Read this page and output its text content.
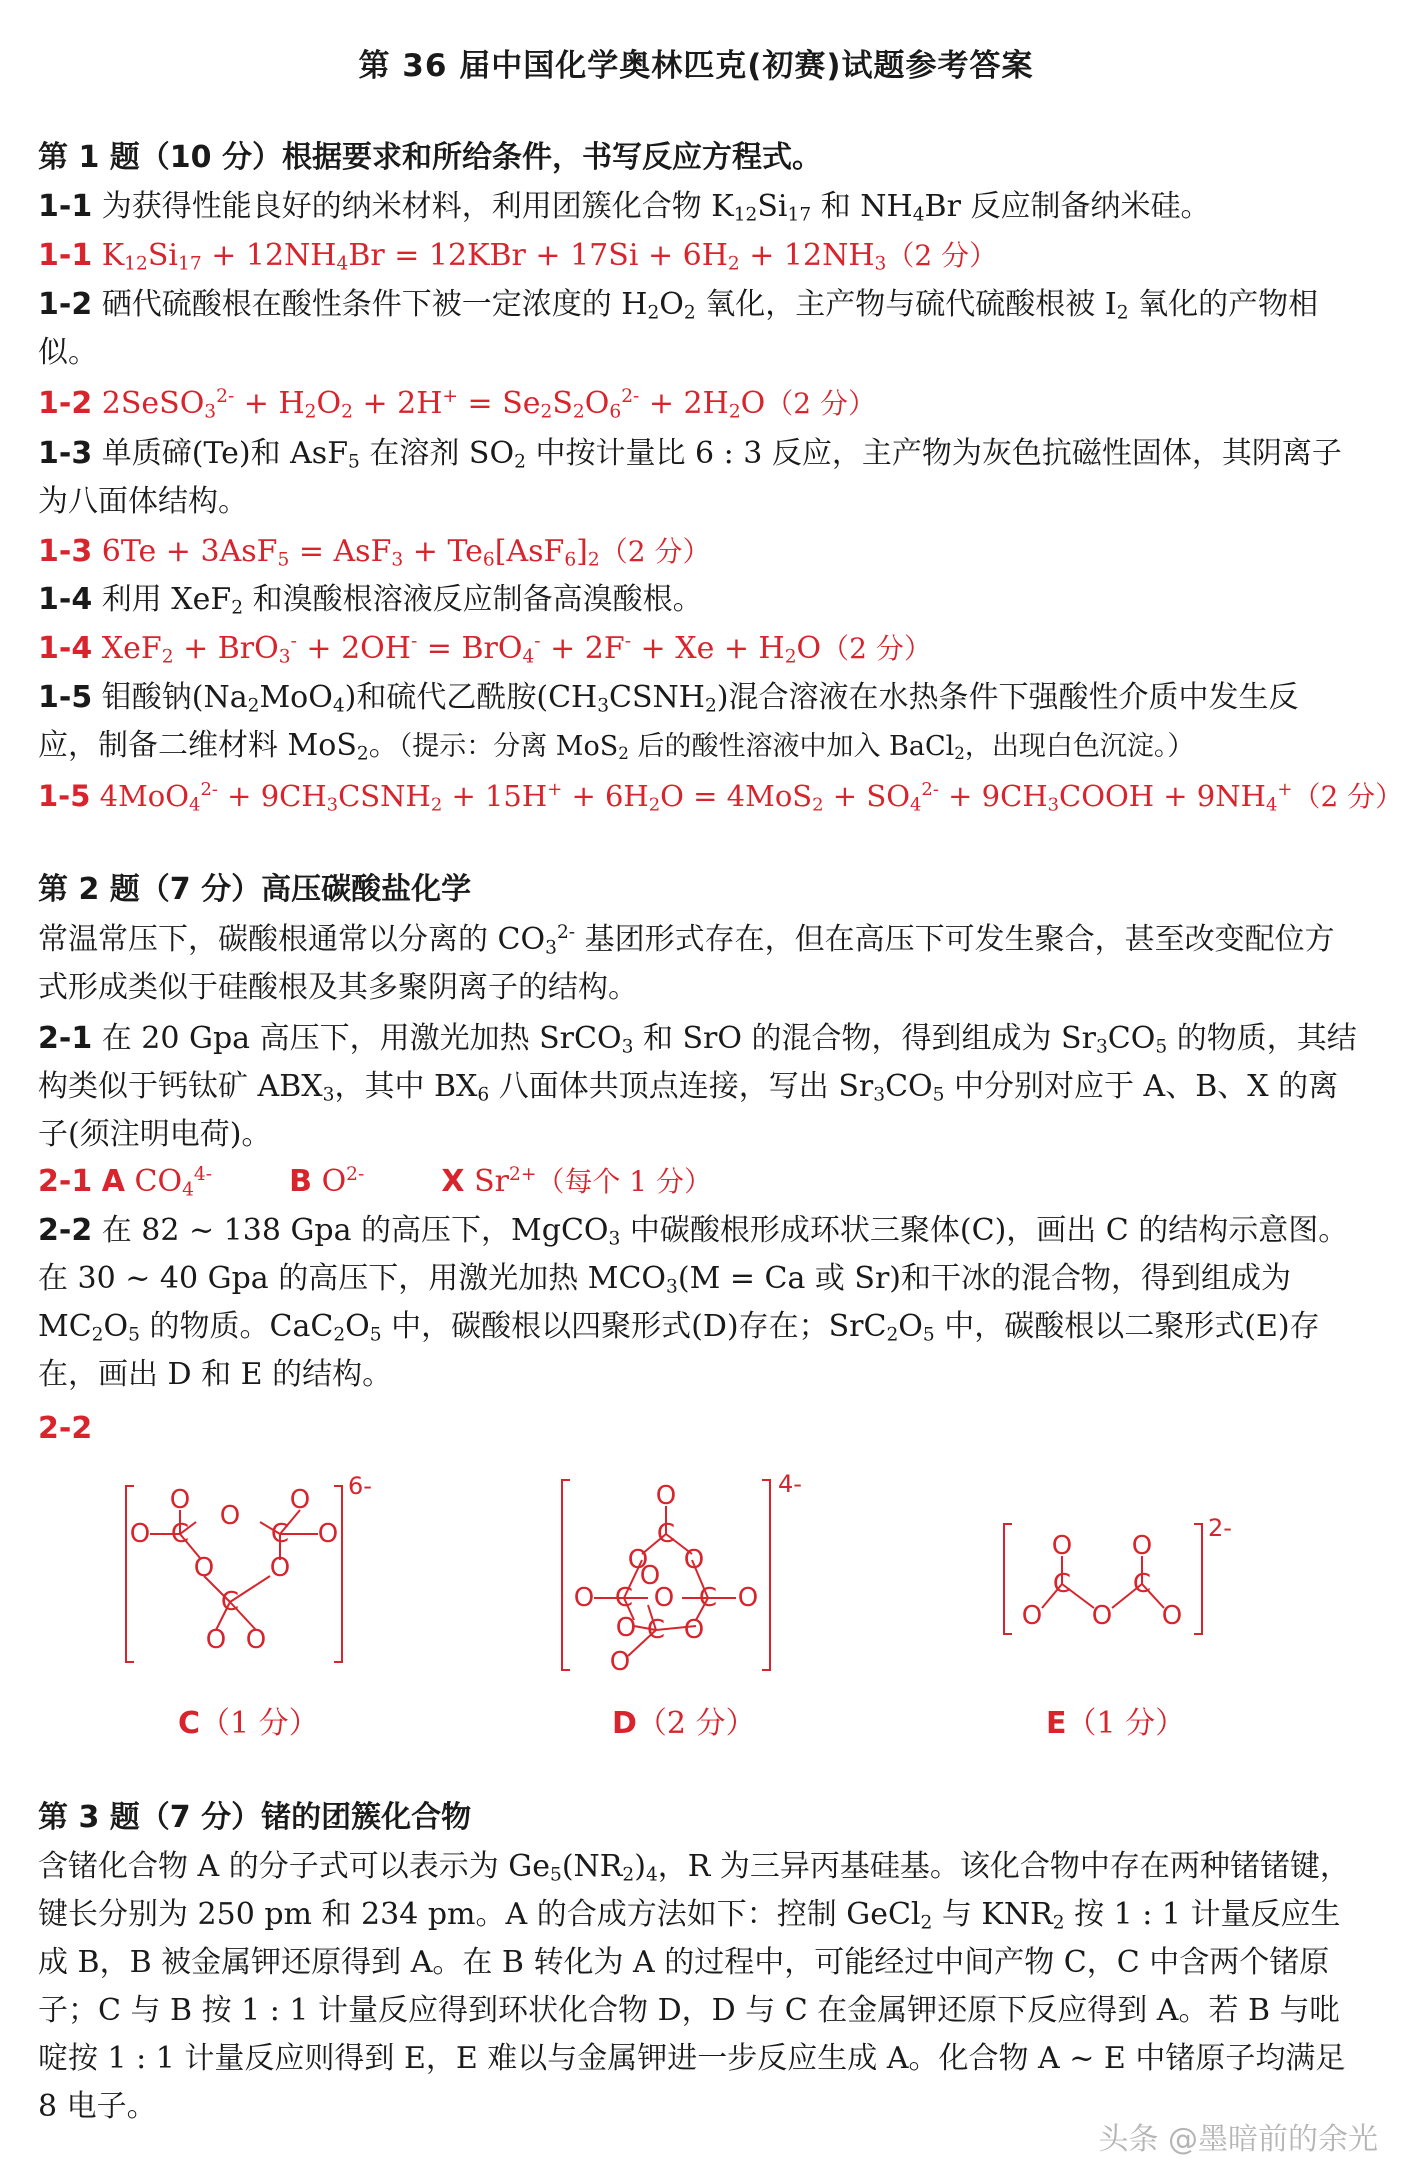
第 36 届中国化学奥林匹克(初赛)试题参考答案
第 1 题（10 分）根据要求和所给条件，书写反应方程式。
1-1 为获得性能良好的纳米材料，利用团簇化合物 $K_{12}Si_{17}$ 和 $NH_4Br$ 反应制备纳米硅。
1-1 $K_{12}Si_{17} + 12NH_4Br = 12KBr + 17Si + 6H_2 + 12NH_3(2$ 分）
1-2 硒代硫酸根在酸性条件下被一定浓度的 $H_2O_2$ 氧化，主产物与硫代硫酸根被 $I_2$ 氧化的产物相似。
1-2 2SeSO$_3^{2-}$ + $H_2O_2 + 2H^+ = Se_2S_2O_6^{2-} + 2H_2O(2$ 分）
1-3 单质碲(Te)和 AsF$_5$ 在溶剂 $SO_2$ 中按计量比 6 : 3 反应，主产物为灰色抗磁性固体，其阴离子为八面体结构。
1-3 $6Te + 3AsF_5 = AsF_3 + Te_6[AsF_6]_2(2$ 分）
1-4 利用 XeF$_2$ 和溴酸根溶液反应制备高溴酸根。
1-4 $XeF_2 + BrO_3^- + 2OH^- = BrO_4^- + 2F^- + Xe + H_2O(2$ 分）
1-5 钼酸钠$(Na_2MoO_4)$和硫代乙酰胺$(CH_3CSNH_2)$混合溶液在水热条件下强酸性介质中发生反应，制备二维材料 MoS$_2$。（提示：分离 MoS$_2$ 后的酸性溶液中加入 BaCl$_2$，出现白色沉淀。）
1-5 $4MoO_4^{2-} + 9CH_3CSNH_2 + 15H^+ + 6H_2O = 4MoS_2 + SO_4^{2-}$ + $9CH_3COOH + 9NH_4^+(2$ 分）
第 2 题（7 分）高压碳酸盐化学
常温常压下，碳酸根通常以分离的 $CO_3^{2-}$ 基团形式存在，但在高压下可发生聚合，甚至改变配位方式形成类似于硅酸根及其多聚阴离子的结构。
2-1 在 20 Gpa 高压下，用激光加热 SrCO$_3$ 和 SrO 的混合物，得到组成为 $Sr_3CO_5$ 的物质，其结构类似于钙钛矿 $ABX_3$，其中 $BX_6$ 八面体共顶点连接，写出 $Sr_3CO_5$ 中分别对应于 A、B、X 的离子(须注明电荷)。
2-1 A $CO_4^{4-}$	B $O^{2-}$	X $Sr^{2+}$（每个 1 分）
2-2 在 82 ~ 138 Gpa 的高压下，MgCO$_3$ 中碳酸根形成环状三聚体(C)，画出 C 的结构示意图。在 30 ~ 40 Gpa 的高压下，用激光加热 $MCO_3(M = Ca$ 或 Sr)和干冰的混合物，得到组成为 $MC_2O_5$ 的物质。$CaC_2O_5$ 中，碳酸根以四聚形式(D)存在；$SrC_2O_5$ 中，碳酸根以二聚形式(E)存在，画出 D 和 E 的结构。
2-2
C	C
C
O
O
O
O
O
O O
O O
6-
C
C	C
C
O
O O
O
O O O
O O
O
4-
C C
O O
O O O
2-
C（1 分）	D（2 分）	E（1 分）
第 3 题（7 分）锗的团簇化合物
含锗化合物 A 的分子式可以表示为 $Ge_5(NR_2)_4$，R 为三异丙基硅基。该化合物中存在两种锗锗键，键长分别为 250 pm 和 234 pm。A 的合成方法如下：控制 GeCl$_2$ 与 $KNR_2$ 按 1 : 1 计量反应生成 B，B 被金属钾还原得到 A。在 B 转化为 A 的过程中，可能经过中间产物 C，C 中含两个锗原子；C 与 B 按 1 : 1 计量反应得到环状化合物 D，D 与 C 在金属钾还原下反应得到 A。若 B 与吡啶按 1 : 1 计量反应则得到 E，E 难以与金属钾进一步反应生成 A。化合物 A ~ E 中锗原子均满足 8 电子。
头条 @墨暗前的余光
